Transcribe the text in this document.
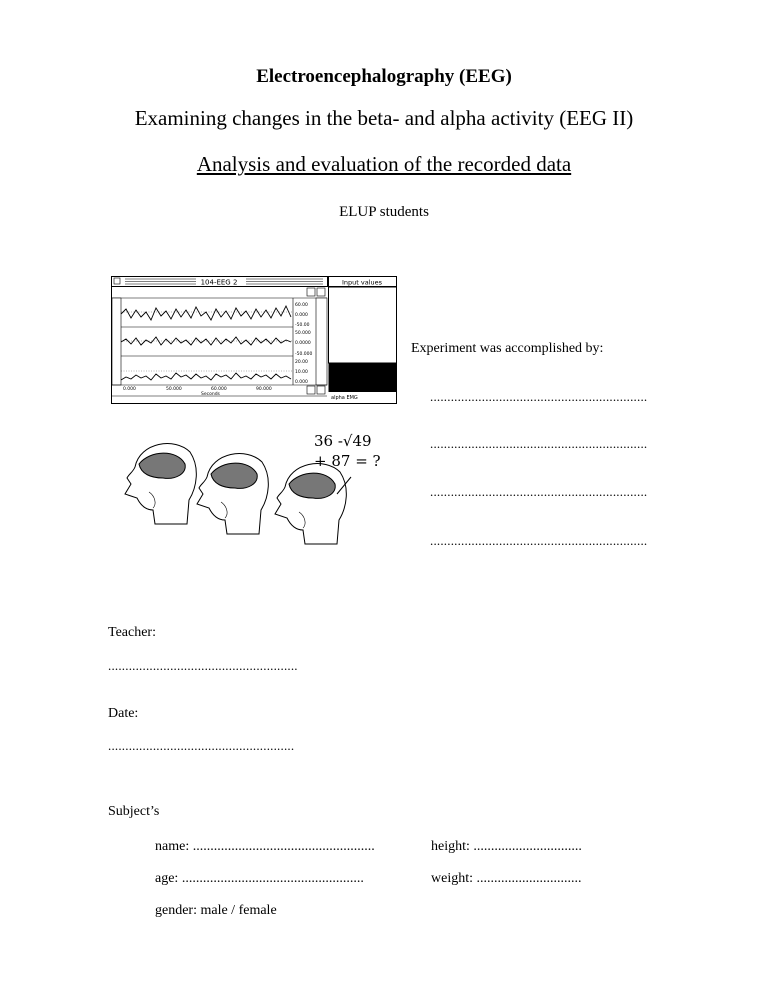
Electroencephalography (EEG)
Examining changes in the beta- and alpha activity (EEG II)
Analysis and evaluation of the recorded data
ELUP students
104-EEG 2	Input values
alpha EMG
60.00
0.000
-50.00
50.000
0.0000
-50.000
20.00
10.00
0.000
0.000	50.000	60.000	90.000
Seconds
36 -√49
+ 87 = ?
Experiment was accomplished by:
...............................................................
...............................................................
...............................................................
...............................................................
Teacher:
.......................................................
Date:
......................................................
Subject’s
name: ....................................................	height: ...............................
age: ....................................................	weight: ..............................
gender: male / female
